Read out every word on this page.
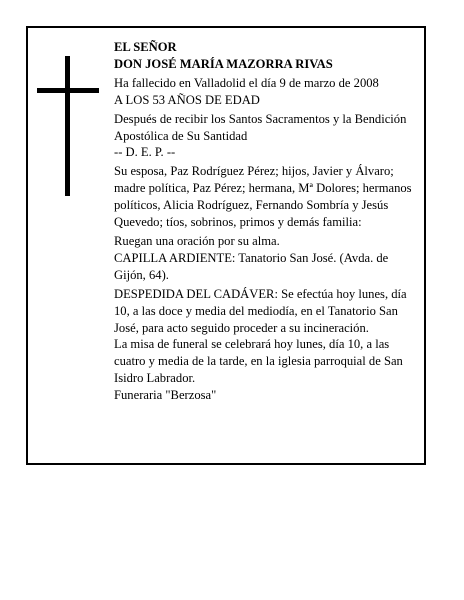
EL SEÑOR
DON JOSÉ MARÍA MAZORRA RIVAS
Ha fallecido en Valladolid el día 9 de marzo de 2008
A LOS 53 AÑOS DE EDAD
Después de recibir los Santos Sacramentos y la Bendición Apostólica de Su Santidad
-- D. E. P. --
Su esposa, Paz Rodríguez Pérez; hijos, Javier y Álvaro; madre política, Paz Pérez; hermana, Mª Dolores; hermanos políticos, Alicia Rodríguez, Fernando Sombría y Jesús Quevedo; tíos, sobrinos, primos y demás familia:
Ruegan una oración por su alma.
CAPILLA ARDIENTE: Tanatorio San José. (Avda. de Gijón, 64).
DESPEDIDA DEL CADÁVER: Se efectúa hoy lunes, día 10, a las doce y media del mediodía, en el Tanatorio San José, para acto seguido proceder a su incineración.
La misa de funeral se celebrará hoy lunes, día 10, a las cuatro y media de la tarde, en la iglesia parroquial de San Isidro Labrador.
Funeraria "Berzosa"
